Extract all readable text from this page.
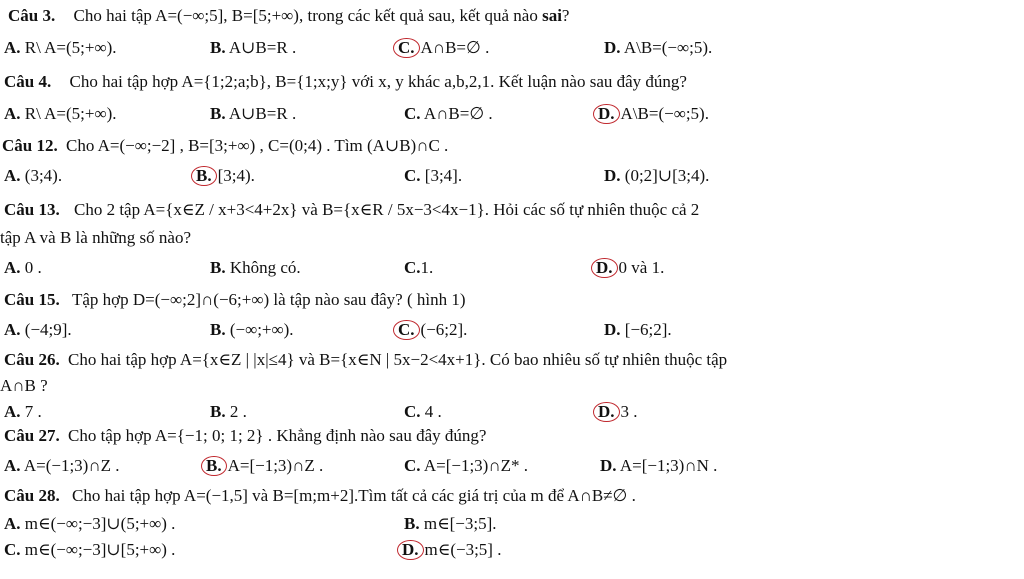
Câu 3. Cho hai tập A=(−∞;5], B=[5;+∞), trong các kết quả sau, kết quả nào sai?
A. R\ A=(5;+∞).	B. A∪B=R .	C. A∩B=∅ .	D. A\B=(−∞;5).
Câu 4. Cho hai tập hợp A={1;2;a;b}, B={1;x;y} với x, y khác a,b,2,1. Kết luận nào sau đây đúng?
A. R\ A=(5;+∞).	B. A∪B=R .	C. A∩B=∅ .	D. A\B=(−∞;5).
Câu 12. Cho A=(−∞;−2] , B=[3;+∞) , C=(0;4) . Tìm (A∪B)∩C .
A. (3;4).	B. [3;4).	C. [3;4].	D. (0;2]∪[3;4).
Câu 13. Cho 2 tập A={x∈Z / x+3<4+2x} và B={x∈R / 5x−3<4x−1}. Hỏi các số tự nhiên thuộc cả 2
tập A và B là những số nào?
A. 0 .	B. Không có.	C.1.	D. 0 và 1.
Câu 15. Tập hợp D=(−∞;2]∩(−6;+∞) là tập nào sau đây? ( hình 1)
A. (−4;9].	B. (−∞;+∞).	C. (−6;2].	D. [−6;2].
Câu 26. Cho hai tập hợp A={x∈Z | |x|≤4} và B={x∈N | 5x−2<4x+1}. Có bao nhiêu số tự nhiên thuộc tập
A∩B ?
A. 7 .	B. 2 .	C. 4 .	D. 3 .
Câu 27. Cho tập hợp A={−1; 0; 1; 2} . Khẳng định nào sau đây đúng?
A. A=(−1;3)∩Z .	B. A=[−1;3)∩Z .	C. A=[−1;3)∩Z* .	D. A=[−1;3)∩N .
Câu 28. Cho hai tập hợp A=(−1,5] và B=[m;m+2].Tìm tất cả các giá trị của m để A∩B≠∅ .
A. m∈(−∞;−3]∪(5;+∞) .	B. m∈[−3;5].
C. m∈(−∞;−3]∪[5;+∞) .	D. m∈(−3;5] .
